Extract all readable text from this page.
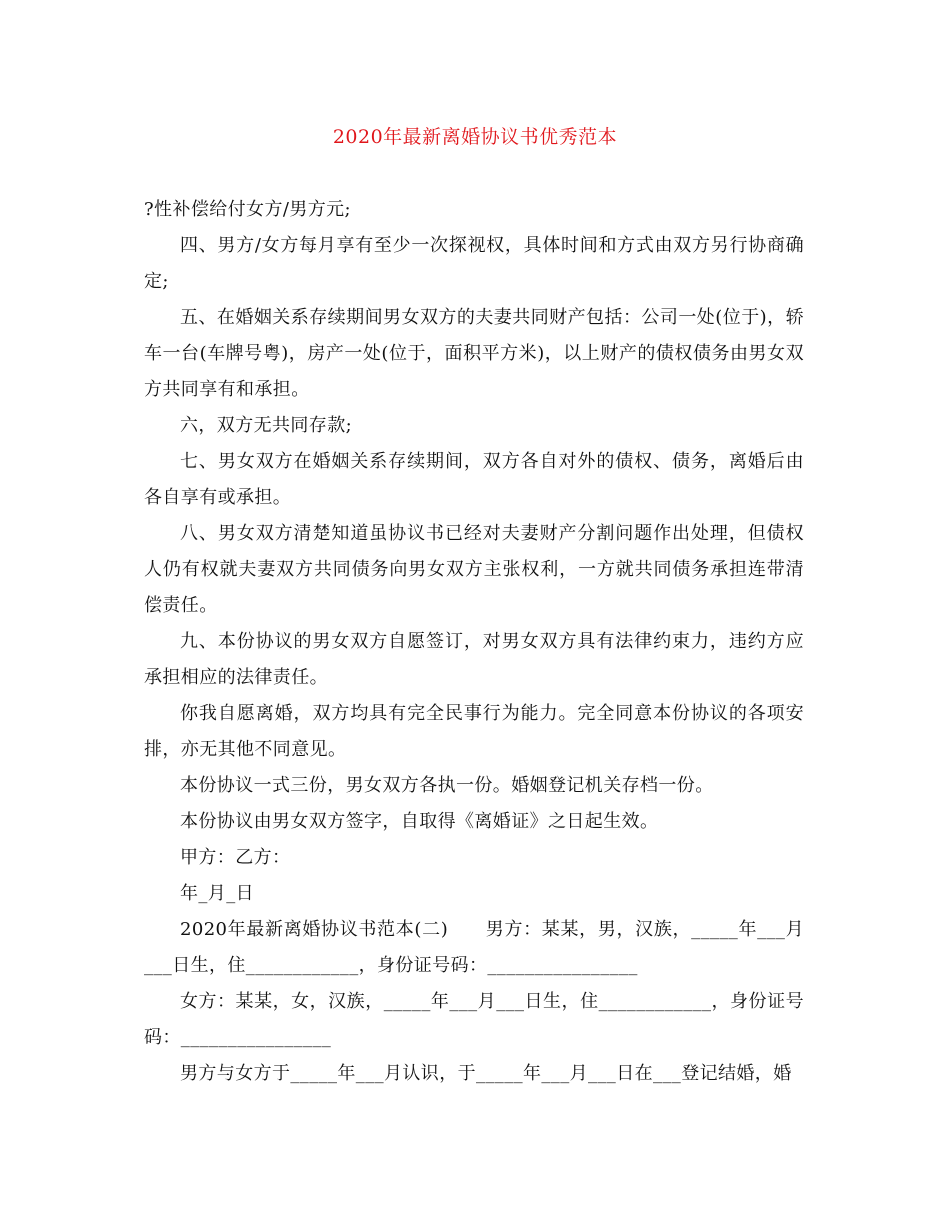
2020年最新离婚协议书优秀范本

?性补偿给付女方/男方元;

四、男方/女方每月享有至少一次探视权，具体时间和方式由双方另行协商确定;

五、在婚姻关系存续期间男女双方的夫妻共同财产包括：公司一处(位于)，轿车一台(车牌号粤)，房产一处(位于，面积平方米)，以上财产的债权债务由男女双方共同享有和承担。

六，双方无共同存款;

七、男女双方在婚姻关系存续期间，双方各自对外的债权、债务，离婚后由各自享有或承担。

八、男女双方清楚知道虽协议书已经对夫妻财产分割问题作出处理，但债权人仍有权就夫妻双方共同债务向男女双方主张权利，一方就共同债务承担连带清偿责任。

九、本份协议的男女双方自愿签订，对男女双方具有法律约束力，违约方应承担相应的法律责任。

你我自愿离婚，双方均具有完全民事行为能力。完全同意本份协议的各项安排，亦无其他不同意见。

本份协议一式三份，男女双方各执一份。婚姻登记机关存档一份。

本份协议由男女双方签字，自取得《离婚证》之日起生效。

甲方：乙方：

年_月_日

2020年最新离婚协议书范本(二)　　男方：某某，男，汉族，_____年___月___日生，住____________，身份证号码：________________

女方：某某，女，汉族，_____年___月___日生，住____________，身份证号码：________________

男方与女方于_____年___月认识，于_____年___月___日在___登记结婚，婚
